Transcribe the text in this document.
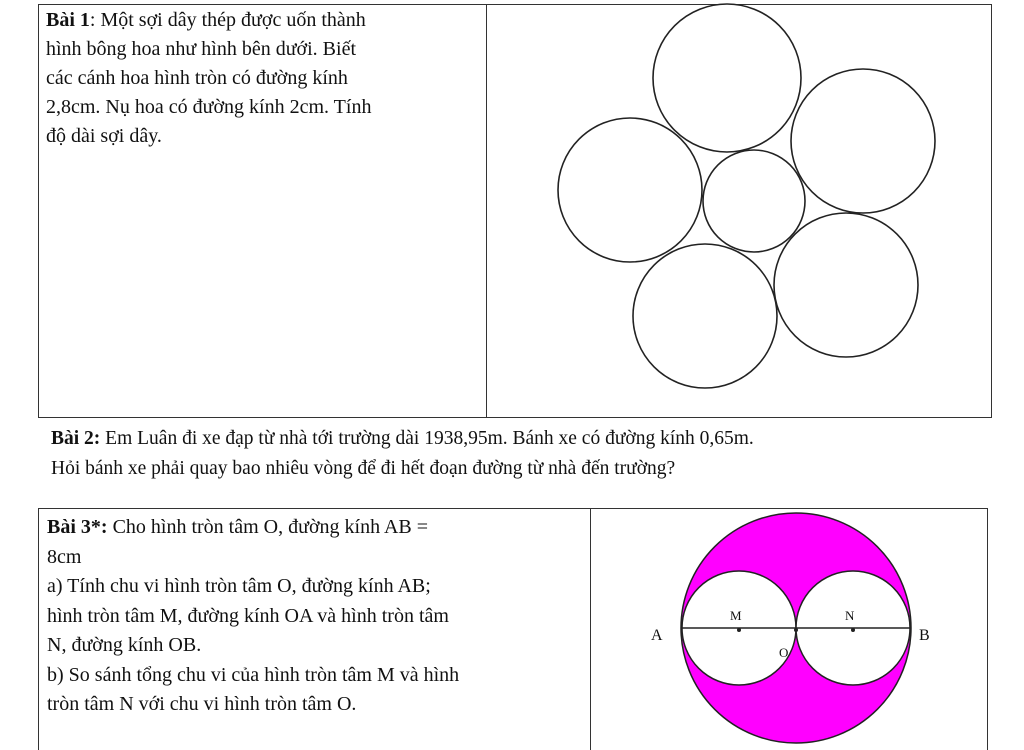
Bài 1: Một sợi dây thép được uốn thành
hình bông hoa như hình bên dưới. Biết
các cánh hoa hình tròn có đường kính
2,8cm. Nụ hoa có đường kính 2cm. Tính
độ dài sợi dây.
Bài 2: Em Luân đi xe đạp từ nhà tới trường dài 1938,95m. Bánh xe có đường kính 0,65m.
Hỏi bánh xe phải quay bao nhiêu vòng để đi hết đoạn đường từ nhà đến trường?
Bài 3*: Cho hình tròn tâm O, đường kính AB =
8cm
a) Tính chu vi hình tròn tâm O, đường kính AB;
hình tròn tâm M, đường kính OA và hình tròn tâm
N, đường kính OB.
b) So sánh tổng chu vi của hình tròn tâm M và hình
tròn tâm N với chu vi hình tròn tâm O.
A	B
M	N
O
